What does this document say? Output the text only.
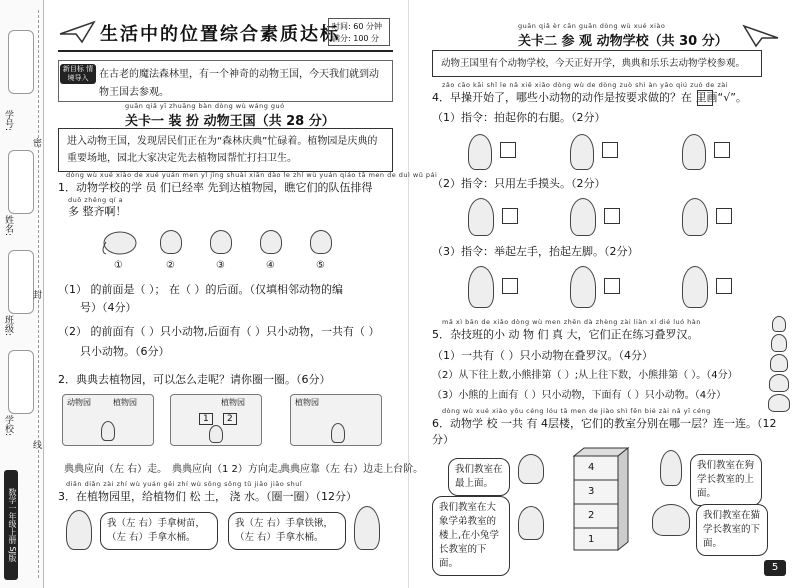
学号:
姓名:
班级:
学校:
密
封
线
数学一年级上册 SJ版
生活中的位置综合素质达标
时间: 60 分钟
满分: 100 分
在古老的魔法森林里，有一个神奇的动物王国，今天我们就到动物王国去参观。
新目标 情境导入
guān qiǎ yī zhuāng bàn dòng wù wáng guó
关卡一 装 扮 动物王国（共 28 分）
进入动物王国，发现居民们正在为“森林庆典”忙碌着。植物园是庆典的重要场地，园北大家决定先去植物园帮忙打扫卫生。
dòng wù xué xiào de xué yuán men yǐ jīng shuài xiān dào le zhí wù yuán qiáo tā men de duì wǔ pái
1．动物学校的学 员 们已经率 先到达植物园，瞧它们的队伍排得
duō zhěng qí a
多 整齐啊！
①	②	③	④	⑤
（1） 的前面是（ ）； 在（ ）的后面。（仅填相邻动物的编
号）（4分）
（2） 的前面有（ ）只小动物,后面有（ ）只小动物，一共有（ ）
只小动物。（6分）
2．典典去植物园，可以怎么走呢？请你圈一圈。（6分）
动物园	植物园	植物园
1	2
植物园
典典应向（左 右）走。 典典应向（1 2）方向走。
典典应靠（左 右）边走上台阶。
diǎn diǎn zài zhí wù yuán gěi zhí wù sōng sōng tǔ jiāo jiāo shuǐ
3．在植物园里，给植物们 松 土， 浇 水。（圈一圈）（12分）
我（左 右）手拿树苗，
（左 右）手拿水桶。
我（左 右）手拿铁锹，
（左 右）手拿水桶。
guān qiǎ èr cān guān dòng wù xué xiào
关卡二 参 观 动物学校（共 30 分）
动物王国里有个动物学校，今天正好开学，典典和乐乐去动物学校参观。
zǎo cāo kāi shǐ le nǎ xiē xiǎo dòng wù de dòng zuò shì àn yāo qiú zuò de zài
4．早操开始了，哪些小动物的动作是按要求做的？在 里画“√”。
（1）指令：拍起你的右腿。（2分）
（2）指令：只用左手摸头。（2分）
（3）指令：举起左手，抬起左脚。（2分）
mǎ xì bān de xiǎo dòng wù men zhēn dà zhèng zài liàn xí dié luó hàn
5．杂技班的小 动 物 们 真 大，它们正在练习叠罗汉。
（1）一共有（ ）只小动物在叠罗汉。（4分）
（2）从下往上数,小熊排第（ ）;从上往下数，小熊排第（ ）。（4分）
（3）小熊的上面有（ ）只小动物，下面有（ ）只小动物。（4分）
dòng wù xué xiào yǒu céng lóu tā men de jiào shì fēn bié zài nǎ yī céng
6．动物学 校 一共 有 4层楼，它们的教室分别在哪一层？连一连。（12分）
我们教室在最上面。
4
3
2
1
我们教室在狗学长教室的上面。
我们教室在大象学弟教室的楼上,在小兔学长教室的下面。
我们教室在猫学长教室的下面。
5
